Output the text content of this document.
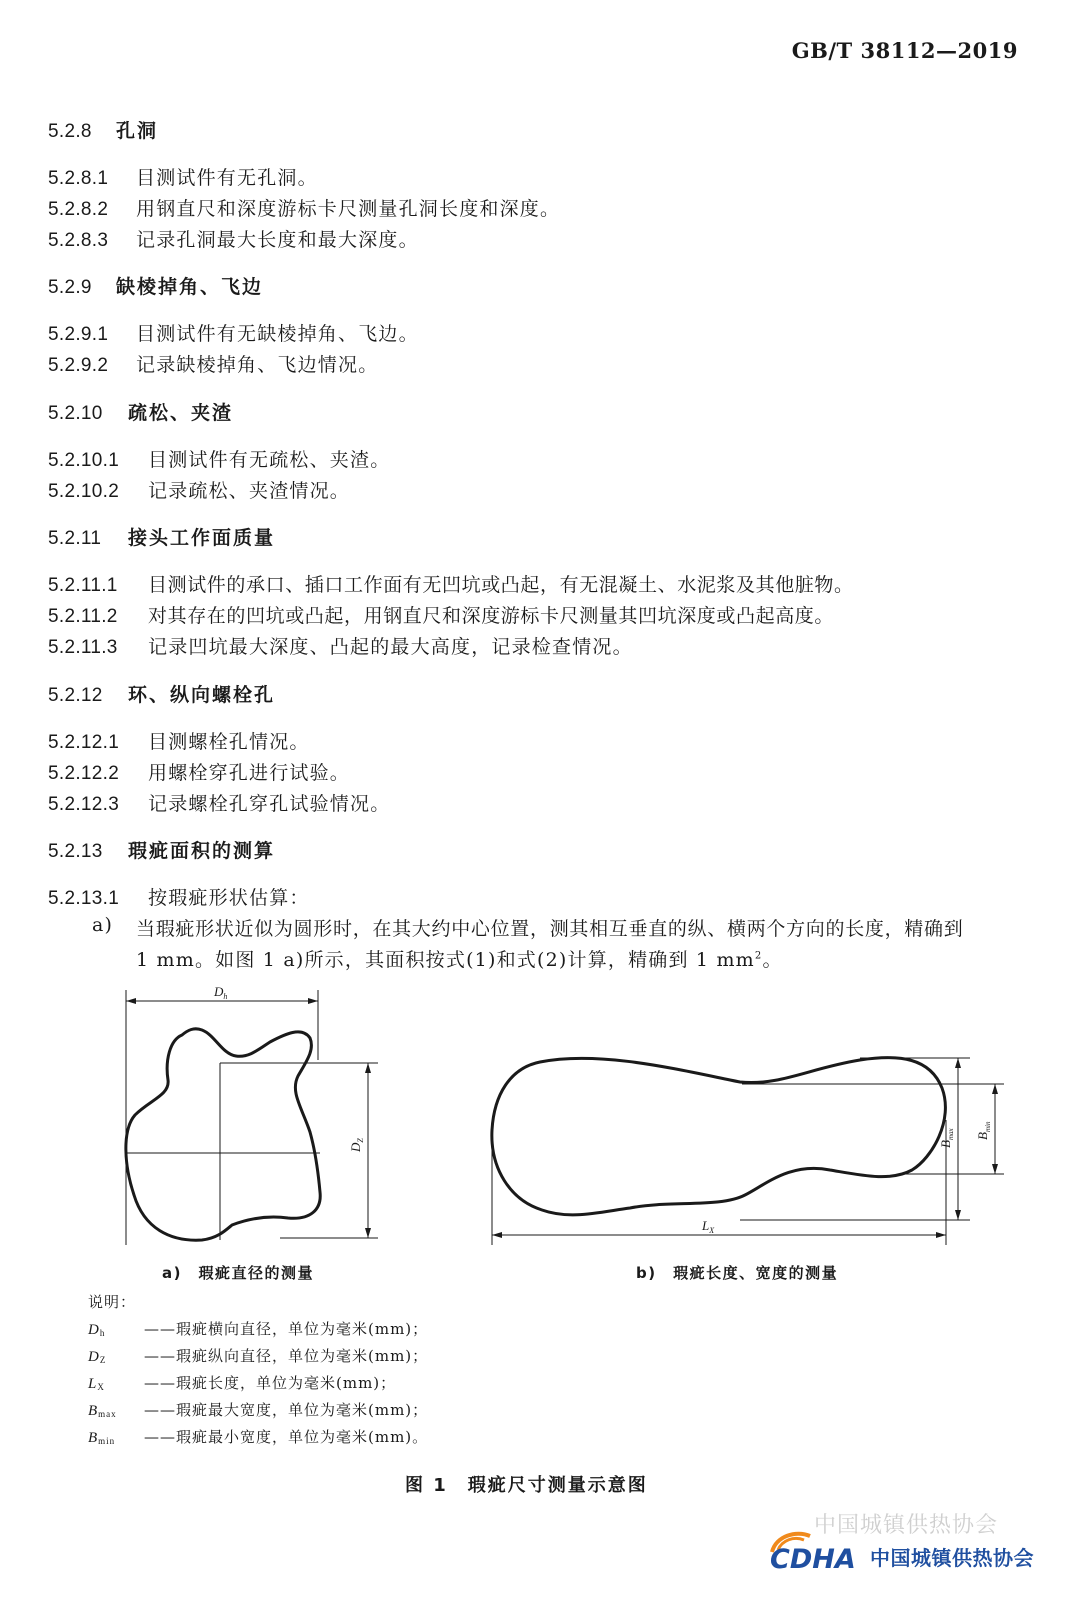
GB/T 38112—2019
5.2.8	孔洞
5.2.8.1	目测试件有无孔洞。
5.2.8.2	用钢直尺和深度游标卡尺测量孔洞长度和深度。
5.2.8.3	记录孔洞最大长度和最大深度。
5.2.9	缺棱掉角、飞边
5.2.9.1	目测试件有无缺棱掉角、飞边。
5.2.9.2	记录缺棱掉角、飞边情况。
5.2.10	疏松、夹渣
5.2.10.1	目测试件有无疏松、夹渣。
5.2.10.2	记录疏松、夹渣情况。
5.2.11	接头工作面质量
5.2.11.1	目测试件的承口、插口工作面有无凹坑或凸起，有无混凝土、水泥浆及其他脏物。
5.2.11.2	对其存在的凹坑或凸起，用钢直尺和深度游标卡尺测量其凹坑深度或凸起高度。
5.2.11.3	记录凹坑最大深度、凸起的最大高度，记录检查情况。
5.2.12	环、纵向螺栓孔
5.2.12.1	目测螺栓孔情况。
5.2.12.2	用螺栓穿孔进行试验。
5.2.12.3	记录螺栓孔穿孔试验情况。
5.2.13	瑕疵面积的测算
5.2.13.1	按瑕疵形状估算：
a) 当瑕疵形状近似为圆形时，在其大约中心位置，测其相互垂直的纵、横两个方向的长度，精确到
1 mm。如图 1 a)所示，其面积按式(1)和式(2)计算，精确到 1 $mm^2$。
$D_h$
$D_Z$
$L_X$
$B_{max}$ $B_{min}$
a)　 瑕疵直径的测量	b)　 瑕疵长度、宽度的测量
说明：
$D_h$	——瑕疵横向直径，单位为毫米(mm)；
$D_Z$	——瑕疵纵向直径，单位为毫米(mm)；
$L_X$	——瑕疵长度，单位为毫米(mm)；
$B_{max}$ ——瑕疵最大宽度，单位为毫米(mm)；
$B_{min}$ ——瑕疵最小宽度，单位为毫米(mm)。
图 1　瑕疵尺寸测量示意图
中国城镇供热协会
CDHA 中国城镇供热协会
